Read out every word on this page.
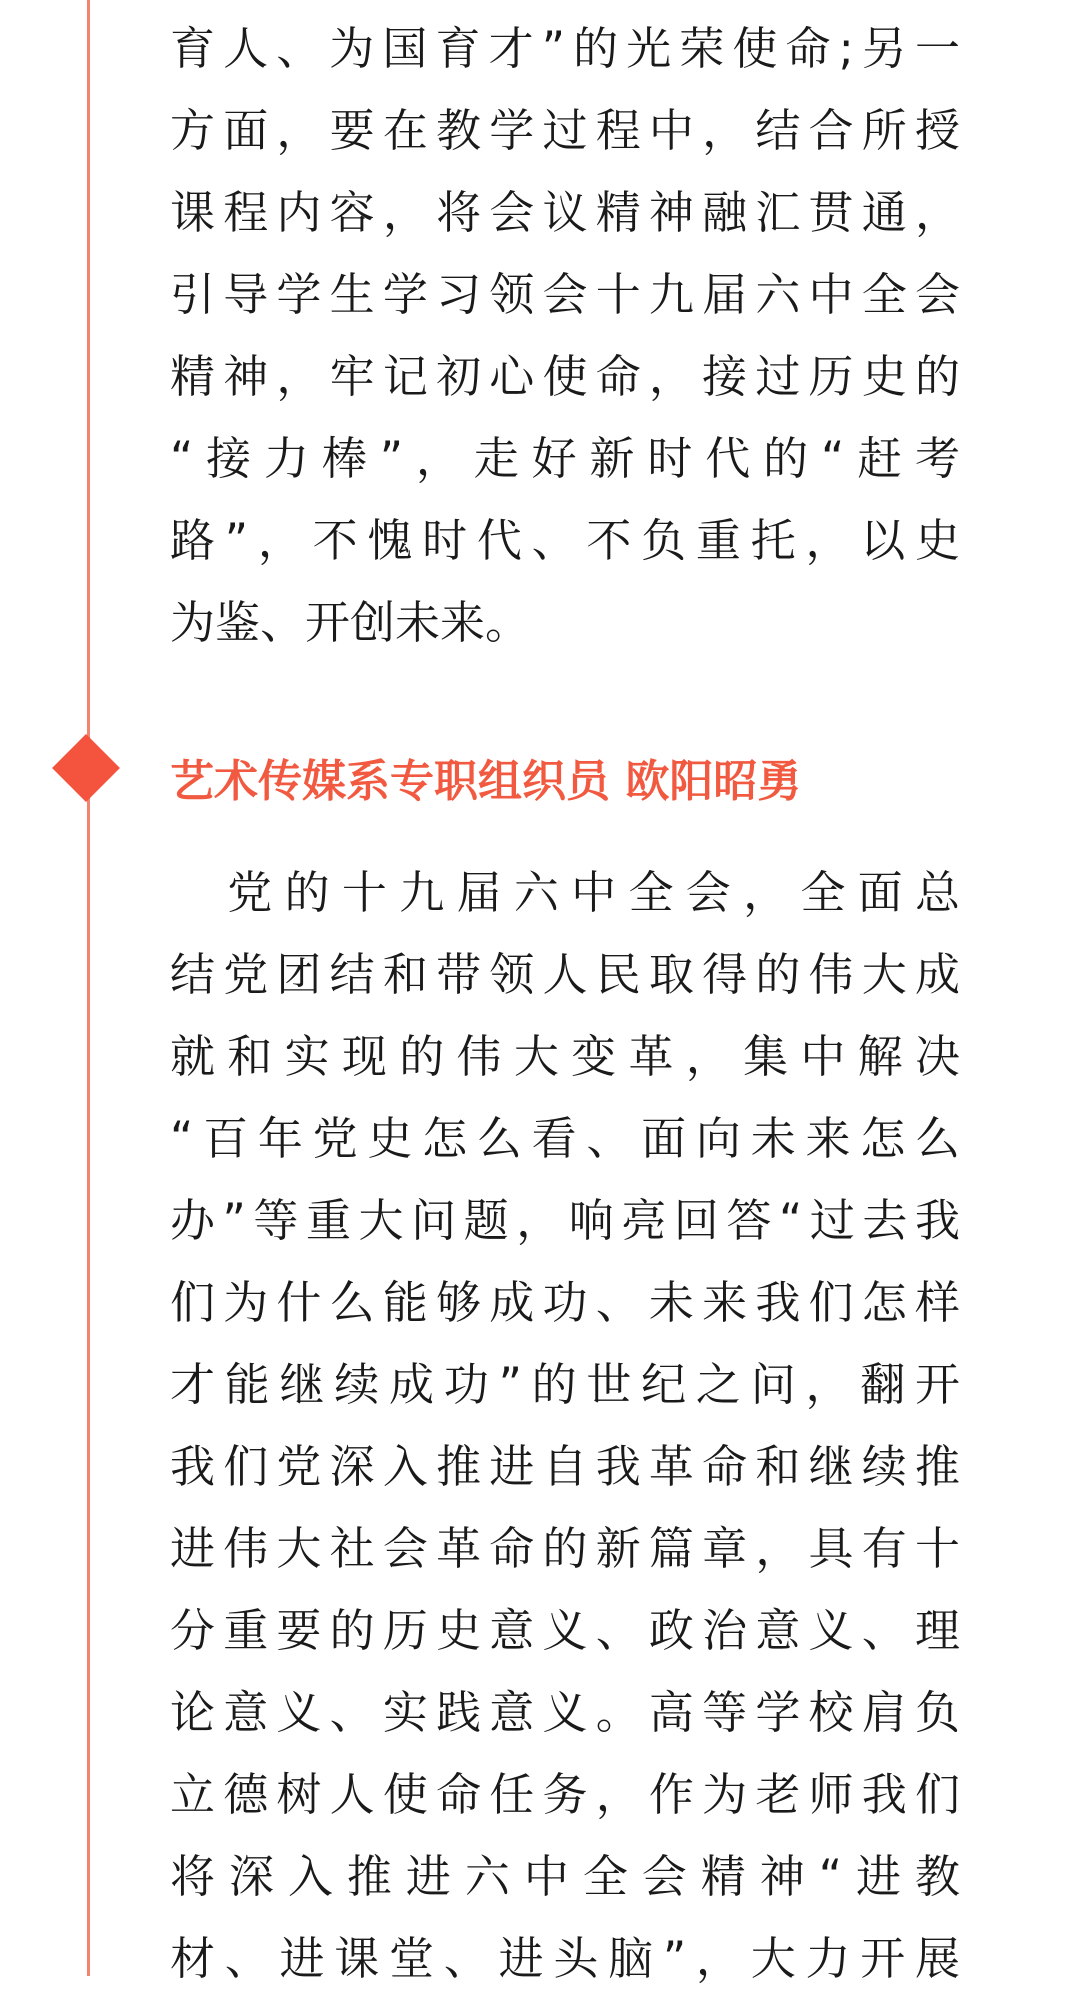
育人、为国育才”的光荣使命;另一
方面，要在教学过程中，结合所授
课程内容，将会议精神融汇贯通，
引导学生学习领会十九届六中全会
精神，牢记初心使命，接过历史的
“接力棒”，走好新时代的“赶考
路”，不愧时代、不负重托，以史
为鉴、开创未来。
艺术传媒系专职组织员 欧阳昭勇
　党的十九届六中全会，全面总
结党团结和带领人民取得的伟大成
就和实现的伟大变革，集中解决
“百年党史怎么看、面向未来怎么
办”等重大问题，响亮回答“过去我
们为什么能够成功、未来我们怎样
才能继续成功”的世纪之问，翻开
我们党深入推进自我革命和继续推
进伟大社会革命的新篇章，具有十
分重要的历史意义、政治意义、理
论意义、实践意义。高等学校肩负
立德树人使命任务，作为老师我们
将深入推进六中全会精神“进教
材、进课堂、进头脑”，大力开展
